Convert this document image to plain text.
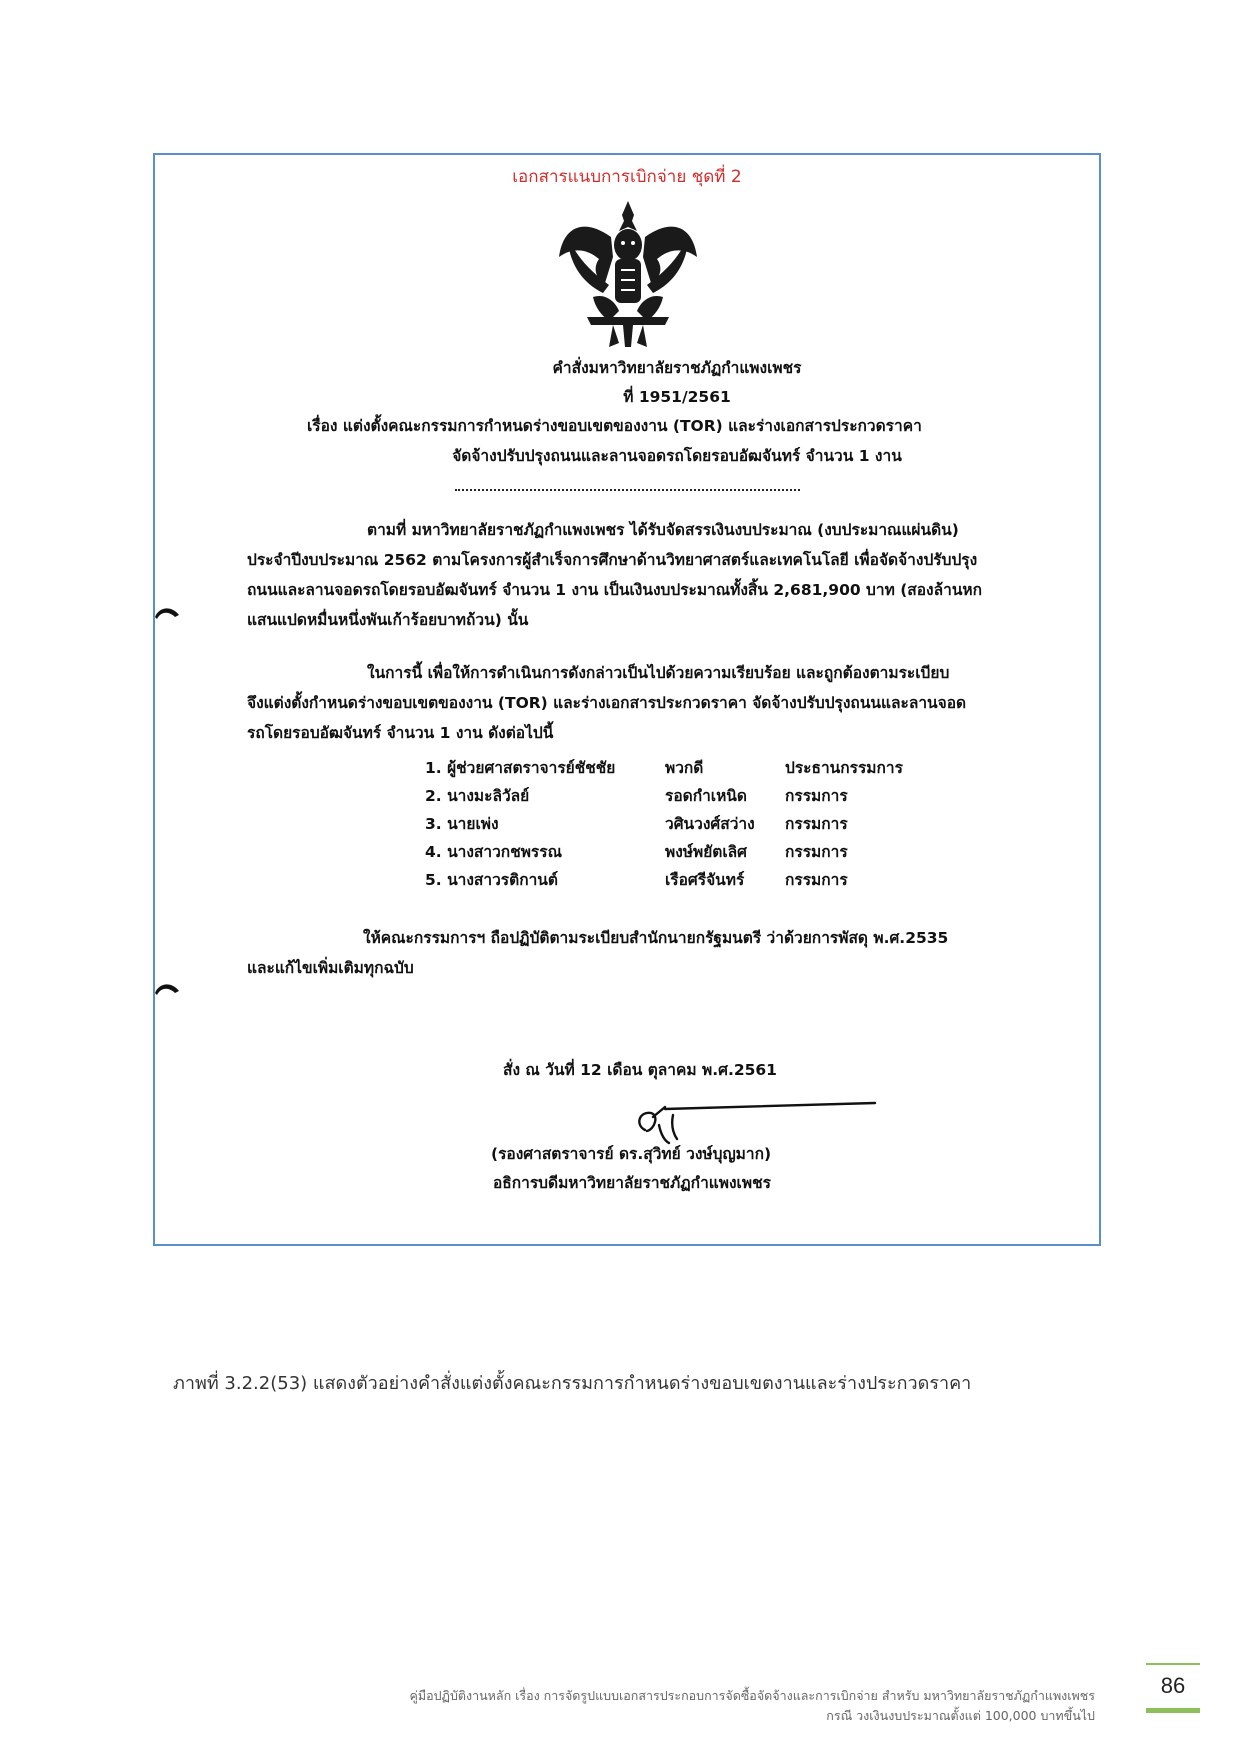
เอกสารแนบการเบิกจ่าย ชุดที่ 2
คำสั่งมหาวิทยาลัยราชภัฏกำแพงเพชร
ที่ 1951/2561
เรื่อง แต่งตั้งคณะกรรมการกำหนดร่างขอบเขตของงาน (TOR) และร่างเอกสารประกวดราคา
จัดจ้างปรับปรุงถนนและลานจอดรถโดยรอบอัฒจันทร์ จำนวน 1 งาน
ตามที่ มหาวิทยาลัยราชภัฏกำแพงเพชร ได้รับจัดสรรเงินงบประมาณ (งบประมาณแผ่นดิน)
ประจำปีงบประมาณ 2562 ตามโครงการผู้สำเร็จการศึกษาด้านวิทยาศาสตร์และเทคโนโลยี เพื่อจัดจ้างปรับปรุง
ถนนและลานจอดรถโดยรอบอัฒจันทร์ จำนวน 1 งาน เป็นเงินงบประมาณทั้งสิ้น 2,681,900 บาท (สองล้านหก
แสนแปดหมื่นหนึ่งพันเก้าร้อยบาทถ้วน) นั้น
ในการนี้ เพื่อให้การดำเนินการดังกล่าวเป็นไปด้วยความเรียบร้อย และถูกต้องตามระเบียบ
จึงแต่งตั้งกำหนดร่างขอบเขตของงาน (TOR) และร่างเอกสารประกวดราคา จัดจ้างปรับปรุงถนนและลานจอด
รถโดยรอบอัฒจันทร์ จำนวน 1 งาน ดังต่อไปนี้
1. ผู้ช่วยศาสตราจารย์ชัชชัย	พวกดี	ประธานกรรมการ
2. นางมะลิวัลย์	รอดกำเหนิด กรรมการ
3. นายเพ่ง	วศินวงศ์สว่าง กรรมการ
4. นางสาวกชพรรณ	พงษ์พยัตเลิศ กรรมการ
5. นางสาวรติกานต์	เรือศรีจันทร์	กรรมการ
ให้คณะกรรมการฯ ถือปฏิบัติตามระเบียบสำนักนายกรัฐมนตรี ว่าด้วยการพัสดุ พ.ศ.2535
และแก้ไขเพิ่มเติมทุกฉบับ
สั่ง ณ วันที่ 12 เดือน ตุลาคม พ.ศ.2561
(รองศาสตราจารย์ ดร.สุวิทย์ วงษ์บุญมาก)
อธิการบดีมหาวิทยาลัยราชภัฏกำแพงเพชร
ภาพที่ 3.2.2(53) แสดงตัวอย่างคำสั่งแต่งตั้งคณะกรรมการกำหนดร่างขอบเขตงานและร่างประกวดราคา
คู่มือปฏิบัติงานหลัก เรื่อง การจัดรูปแบบเอกสารประกอบการจัดซื้อจัดจ้างและการเบิกจ่าย สำหรับ มหาวิทยาลัยราชภัฏกำแพงเพชร
กรณี วงเงินงบประมาณตั้งแต่ 100,000 บาทขึ้นไป
86
